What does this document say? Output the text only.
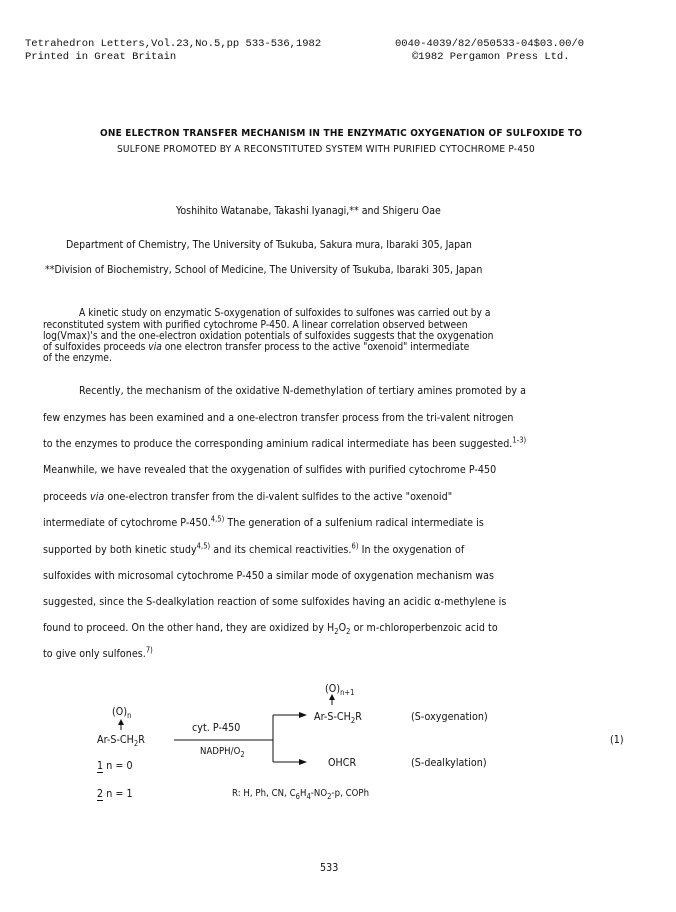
Tetrahedron Letters,Vol.23,No.5,pp 533-536,1982
Printed in Great Britain
0040-4039/82/050533-04$03.00/0
©1982 Pergamon Press Ltd.
ONE ELECTRON TRANSFER MECHANISM IN THE ENZYMATIC OXYGENATION OF SULFOXIDE TO
SULFONE PROMOTED BY A RECONSTITUTED SYSTEM WITH PURIFIED CYTOCHROME P-450
Yoshihito Watanabe, Takashi Iyanagi,** and Shigeru Oae
Department of Chemistry, The University of Tsukuba, Sakura mura, Ibaraki 305, Japan
**Division of Biochemistry, School of Medicine, The University of Tsukuba, Ibaraki 305, Japan
A kinetic study on enzymatic S-oxygenation of sulfoxides to sulfones was carried out by a
reconstituted system with purified cytochrome P-450. A linear correlation observed between
log(Vmax)'s and the one-electron oxidation potentials of sulfoxides suggests that the oxygenation
of sulfoxides proceeds via one electron transfer process to the active "oxenoid" intermediate
of the enzyme.
Recently, the mechanism of the oxidative N-demethylation of tertiary amines promoted by a
few enzymes has been examined and a one-electron transfer process from the tri-valent nitrogen
to the enzymes to produce the corresponding aminium radical intermediate has been suggested.$^{1-3)}$
Meanwhile, we have revealed that the oxygenation of sulfides with purified cytochrome P-450
proceeds via one-electron transfer from the di-valent sulfides to the active "oxenoid"
intermediate of cytochrome P-450.$^{4,5)}$ The generation of a sulfenium radical intermediate is
supported by both kinetic study$^{4,5)}$ and its chemical reactivities.$^{6)}$ In the oxygenation of
sulfoxides with microsomal cytochrome P-450 a similar mode of oxygenation mechanism was
suggested, since the S-dealkylation reaction of some sulfoxides having an acidic α-methylene is
found to proceed. On the other hand, they are oxidized by $H_2O_2$ or m-chloroperbenzoic acid to
to give only sulfones.$^{7)}$
$(O)_n$
$Ar-S-CH_2R$
1 n = 0
2 n = 1
cyt. P-450
NADPH/$O_2$
$(O)_{n+1}$
$Ar-S-CH_2R$	(S-oxygenation)
OHCR	(S-dealkylation)
(1)
R: H, Ph, CN, $C_6H_4-NO_2-p$, COPh
533
